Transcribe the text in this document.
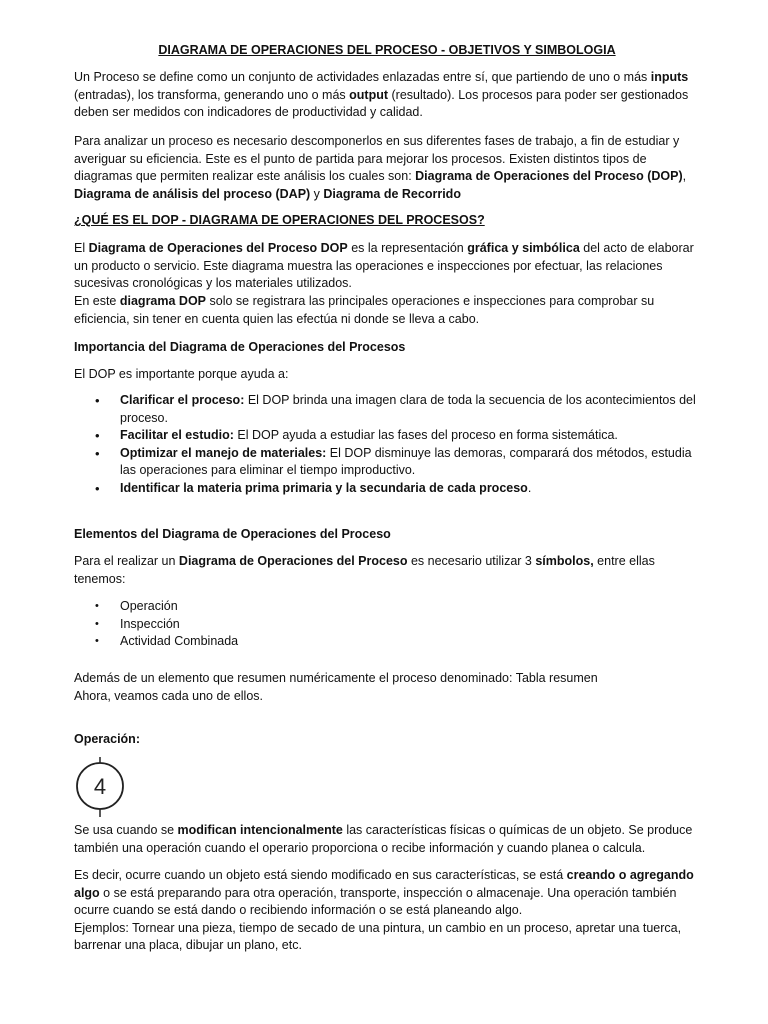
DIAGRAMA DE OPERACIONES DEL PROCESO - OBJETIVOS Y SIMBOLOGIA
Un Proceso se define como un conjunto de actividades enlazadas entre sí, que partiendo de uno o más inputs (entradas), los transforma, generando uno o más output (resultado). Los procesos para poder ser gestionados deben ser medidos con indicadores de productividad y calidad.
Para analizar un proceso es necesario descomponerlos en sus diferentes fases de trabajo, a fin de estudiar y averiguar su eficiencia. Este es el punto de partida para mejorar los procesos. Existen distintos tipos de diagramas que permiten realizar este análisis los cuales son: Diagrama de Operaciones del Proceso (DOP), Diagrama de análisis del proceso (DAP) y Diagrama de Recorrido
¿QUÉ ES EL DOP - DIAGRAMA DE OPERACIONES DEL PROCESOS?
El Diagrama de Operaciones del Proceso DOP es la representación gráfica y simbólica del acto de elaborar un producto o servicio. Este diagrama muestra las operaciones e inspecciones por efectuar, las relaciones sucesivas cronológicas y los materiales utilizados.
En este diagrama DOP solo se registrara las principales operaciones e inspecciones para comprobar su eficiencia, sin tener en cuenta quien las efectúa ni donde se lleva a cabo.
Importancia del Diagrama de Operaciones del Procesos
El DOP es importante porque ayuda a:
• Clarificar el proceso: El DOP brinda una imagen clara de toda la secuencia de los acontecimientos del proceso.
• Facilitar el estudio: El DOP ayuda a estudiar las fases del proceso en forma sistemática.
• Optimizar el manejo de materiales: El DOP disminuye las demoras, comparará dos métodos, estudia las operaciones para eliminar el tiempo improductivo.
• Identificar la materia prima primaria y la secundaria de cada proceso.
Elementos del Diagrama de Operaciones del Proceso
Para el realizar un Diagrama de Operaciones del Proceso es necesario utilizar 3 símbolos, entre ellas tenemos:
• Operación
• Inspección
• Actividad Combinada
Además de un elemento que resumen numéricamente el proceso denominado: Tabla resumen
Ahora, veamos cada uno de ellos.
Operación:
4
Se usa cuando se modifican intencionalmente las características físicas o químicas de un objeto. Se produce también una operación cuando el operario proporciona o recibe información y cuando planea o calcula.
Es decir, ocurre cuando un objeto está siendo modificado en sus características, se está creando o agregando algo o se está preparando para otra operación, transporte, inspección o almacenaje. Una operación también ocurre cuando se está dando o recibiendo información o se está planeando algo.
Ejemplos: Tornear una pieza, tiempo de secado de una pintura, un cambio en un proceso, apretar una tuerca, barrenar una placa, dibujar un plano, etc.
